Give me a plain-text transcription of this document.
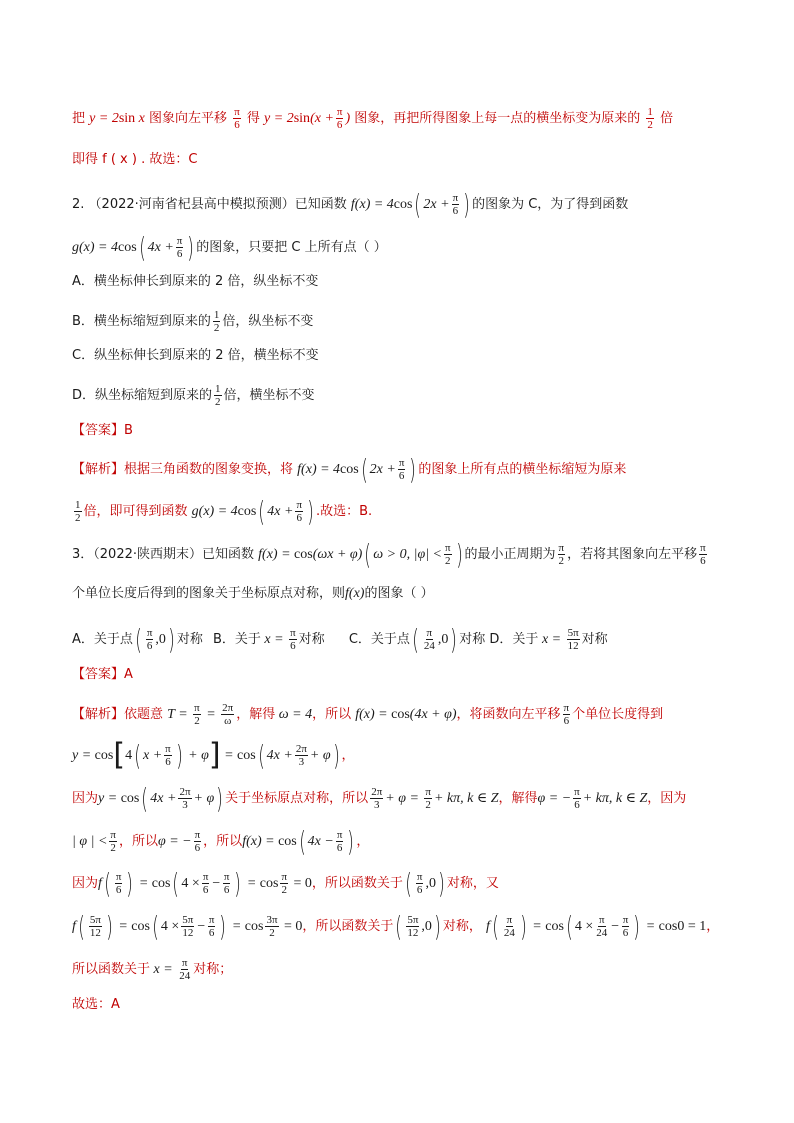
把 y = 2sin x 图象向左平移 $\frac{\pi}{6}$ 得 $y = 2\sin(x + \frac{\pi}{6}$ ) 图象，再把所得图象上每一点的横坐标变为原来的 $\frac{1}{2}$ 倍
即得 f ( x ) . 故选：C
2. （2022·河南省杞县高中模拟预测）已知函数 f(x) = 4cos( $2x + \frac{\pi}{6}$ ) 的图象为 C，为了得到函数
g(x) = 4cos( $4x + \frac{\pi}{6}$ ) 的图象，只要把 C 上所有点（ ）
A．横坐标伸长到原来的 2 倍，纵坐标不变
B．横坐标缩短到原来的 $\frac{1}{2}$ 倍，纵坐标不变
C．纵坐标伸长到原来的 2 倍，横坐标不变
D．纵坐标缩短到原来的 $\frac{1}{2}$ 倍，横坐标不变
【答案】B
【解析】根据三角函数的图象变换，将 f(x) = 4cos( $2x + \frac{\pi}{6}$ ) 的图象上所有点的横坐标缩短为原来
$\frac{1}{2}$ 倍，即可得到函数 g(x) = 4cos( $4x + \frac{\pi}{6}$ ) .故选：B.
3．（2022·陕西期末）已知函数 f(x) = cos(ωx + φ)( ω > 0, $|\varphi| < \frac{\pi}{2}$ ) 的最小正周期为 $\frac{\pi}{2}$ ，若将其图象向左平移 $\frac{\pi}{6}$
个单位长度后得到的图象关于坐标原点对称，则f(x)的图象（ ）
A．关于点( $\frac{\pi}{6} ,0$) 对称 B．关于 $x = \frac{\pi}{6}$ 对称 C．关于点( $\frac{\pi}{24} ,0$) 对称 D．关于 $x = \frac{5\pi}{12}$ 对称
【答案】A
【解析】依题意 $T = \frac{\pi}{2} = \frac{2\pi}{\omega}$ ，解得 ω = 4，所以 f(x) = cos(4x + φ)，将函数向左平移 $\frac{\pi}{6}$ 个单位长度得到
y = cos[4( $x + \frac{\pi}{6}$ ) + φ] = cos( $4x + \frac{2\pi}{3} + \varphi$) ，
因为y = cos( $4x + \frac{2\pi}{3} + \varphi$) 关于坐标原点对称，所以 $\frac{2\pi}{3} + \varphi = \frac{\pi}{2} + k\pi$, k ∈ Z，解得φ = − $\frac{\pi}{6} + k\pi$, k ∈ Z，因为
| φ | < $\frac{\pi}{2}$ ，所以φ = − $\frac{\pi}{6}$ ，所以f(x) = cos( $4x - \frac{\pi}{6}$ ) ，
因为$f( \frac{\pi}{6}$ ) = cos( $4 \times \frac{\pi}{6} - \frac{\pi}{6}$ ) = $\cos \frac{\pi}{2} = 0$，所以函数关于( $\frac{\pi}{6} ,0$) 对称，又
$f( \frac{5\pi}{12}$ ) = cos( $4 \times \frac{5\pi}{12} - \frac{\pi}{6}$ ) = $\cos \frac{3\pi}{2} = 0$，所以函数关于( $\frac{5\pi}{12} ,0$) 对称， $f( \frac{\pi}{24}$ ) = cos( $4 \times \frac{\pi}{24} - \frac{\pi}{6}$ ) = cos0 = 1，
所以函数关于 $x = \frac{\pi}{24}$ 对称；
故选：A
